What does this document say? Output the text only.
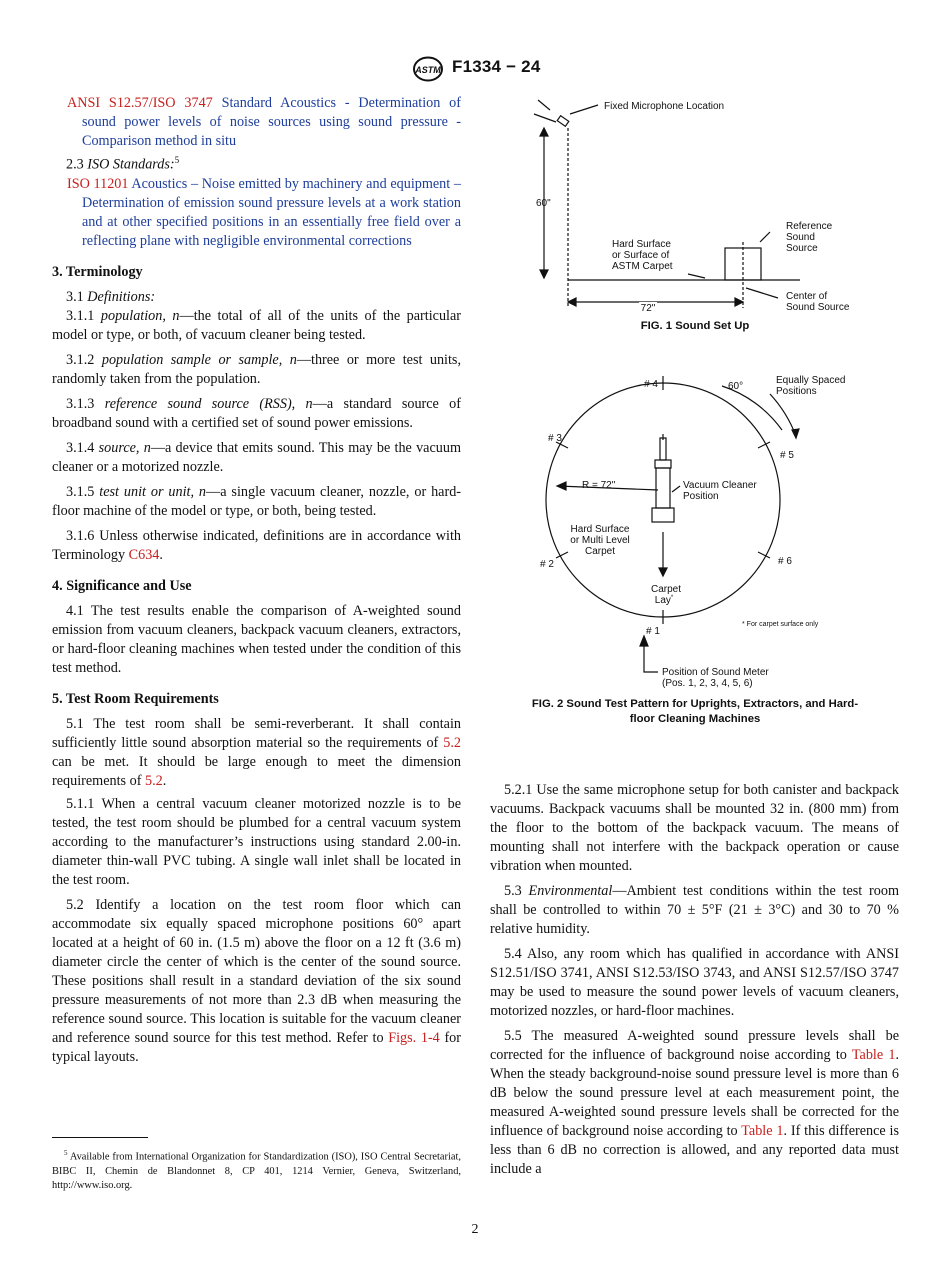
ASTM F1334 − 24

ANSI S12.57/ISO 3747 Standard Acoustics - Determination of sound power levels of noise sources using sound pressure - Comparison method in situ

2.3 ISO Standards:$^5$

ISO 11201 Acoustics – Noise emitted by machinery and equipment – Determination of emission sound pressure levels at a work station and at other specified positions in an essentially free field over a reflecting plane with negligible environmental corrections

3. Terminology

3.1 Definitions:

3.1.1 population, n—the total of all of the units of the particular model or type, or both, of vacuum cleaner being tested.

3.1.2 population sample or sample, n—three or more test units, randomly taken from the population.

3.1.3 reference sound source (RSS), n—a standard source of broadband sound with a certified set of sound power emissions.

3.1.4 source, n—a device that emits sound. This may be the vacuum cleaner or a motorized nozzle.

3.1.5 test unit or unit, n—a single vacuum cleaner, nozzle, or hard-floor machine of the model or type, or both, being tested.

3.1.6 Unless otherwise indicated, definitions are in accordance with Terminology C634.

4. Significance and Use

4.1 The test results enable the comparison of A-weighted sound emission from vacuum cleaners, backpack vacuum cleaners, extractors, or hard-floor cleaning machines when tested under the condition of this test method.

5. Test Room Requirements

5.1 The test room shall be semi-reverberant. It shall contain sufficiently little sound absorption material so the requirements of 5.2 can be met. It should be large enough to meet the dimension requirements of 5.2.

5.1.1 When a central vacuum cleaner motorized nozzle is to be tested, the test room should be plumbed for a central vacuum system according to the manufacturer’s instructions using standard 2.00-in. diameter thin-wall PVC tubing. A single wall inlet shall be located in the test room.

5.2 Identify a location on the test room floor which can accommodate six equally spaced microphone positions 60° apart located at a height of 60 in. (1.5 m) above the floor on a 12 ft (3.6 m) diameter circle the center of which is the center of the sound source. These positions shall result in a standard deviation of the six sound pressure measurements of not more than 2.3 dB when measuring the reference sound source. This location is suitable for the vacuum cleaner and reference sound source for this test method. Refer to Figs. 1-4 for typical layouts.

$^5$ Available from International Organization for Standardization (ISO), ISO Central Secretariat, BIBC II, Chemin de Blandonnet 8, CP 401, 1214 Vernier, Geneva, Switzerland, http://www.iso.org.
Fixed Microphone Location
60"
Hard Surface
or Surface of
ASTM Carpet
Reference
Sound
Source
72"
Center of
Sound Source
FIG. 1 Sound Set Up
# 4	60°
Equally Spaced
Positions
# 3
# 5
R = 72"	Vacuum Cleaner
Position
Hard Surface
or Multi Level
Carpet
# 2	# 6
Carpet
Lay*
# 1
* For carpet surface only
Position of Sound Meter
(Pos. 1, 2, 3, 4, 5, 6)
FIG. 2 Sound Test Pattern for Uprights, Extractors, and Hard-
floor Cleaning Machines

5.2.1 Use the same microphone setup for both canister and backpack vacuums. Backpack vacuums shall be mounted 32 in. (800 mm) from the floor to the bottom of the backpack vacuum. The means of mounting shall not interfere with the backpack operation or cause vibration when mounted.

5.3 Environmental—Ambient test conditions within the test room shall be controlled to within 70 ± 5°F (21 ± 3°C) and 30 to 70 % relative humidity.

5.4 Also, any room which has qualified in accordance with ANSI S12.51/ISO 3741, ANSI S12.53/ISO 3743, and ANSI S12.57/ISO 3747 may be used to measure the sound power levels of vacuum cleaners, motorized nozzles, or hard-floor machines.

5.5 The measured A-weighted sound pressure levels shall be corrected for the influence of background noise according to Table 1. When the steady background-noise sound pressure level is more than 6 dB below the sound pressure level at each measurement point, the measured A-weighted sound pressure levels shall be corrected for the influence of background noise according to Table 1. If this difference is less than 6 dB no correction is allowed, and any reported data must include a

2
